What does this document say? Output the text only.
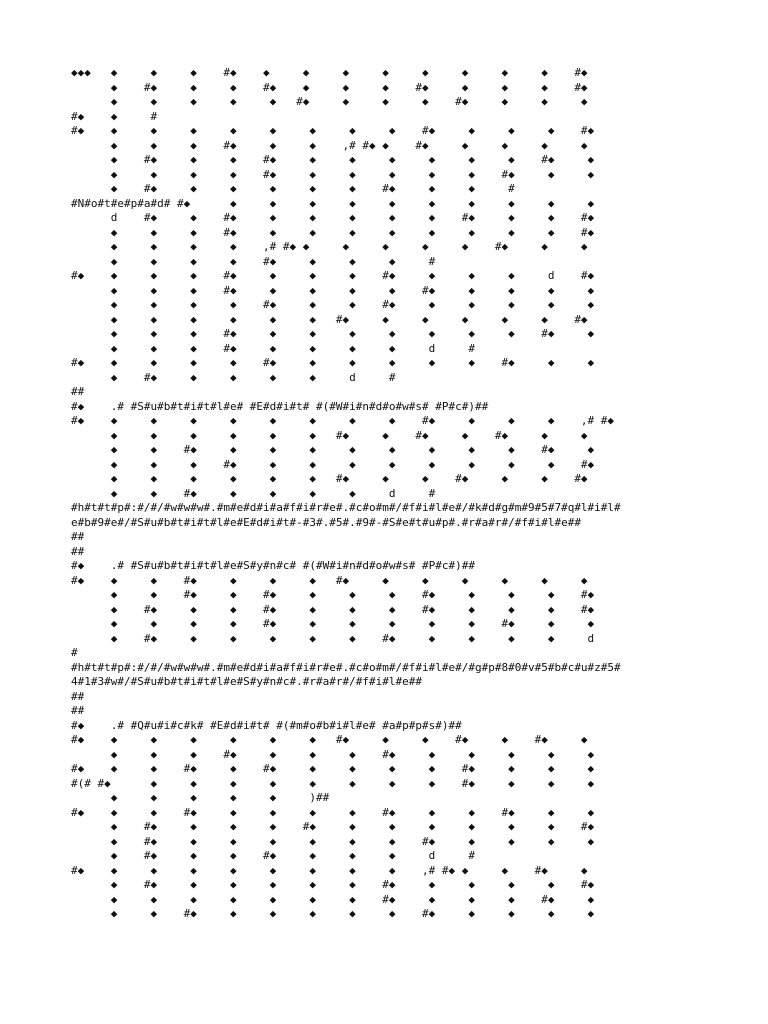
◆◆◆   ◆     ◆     ◆    #◆    ◆     ◆     ◆     ◆     ◆     ◆     ◆     ◆    #◆
◆    #◆     ◆     ◆    #◆    ◆     ◆     ◆    #◆     ◆     ◆     ◆    #◆
◆     ◆     ◆     ◆     ◆   #◆     ◆     ◆     ◆    #◆     ◆     ◆     ◆
#◆    ◆     #
#◆    ◆     ◆     ◆     ◆     ◆     ◆     ◆     ◆    #◆     ◆     ◆     ◆    #◆
◆     ◆     ◆    #◆     ◆     ◆    ,# #◆ ◆    #◆     ◆     ◆     ◆     ◆
◆    #◆     ◆     ◆    #◆     ◆     ◆     ◆     ◆     ◆     ◆    #◆     ◆
◆     ◆     ◆     ◆    #◆     ◆     ◆     ◆     ◆     ◆    #◆     ◆     ◆
◆    #◆     ◆     ◆     ◆     ◆     ◆    #◆     ◆     ◆     #
#N#o#t#e#p#a#d# #◆      ◆     ◆     ◆     ◆     ◆     ◆     ◆     ◆     ◆     ◆
d    #◆     ◆    #◆     ◆     ◆     ◆     ◆     ◆    #◆     ◆     ◆    #◆
◆     ◆     ◆    #◆     ◆     ◆     ◆     ◆     ◆     ◆     ◆     ◆    #◆
◆     ◆     ◆     ◆    ,# #◆ ◆     ◆     ◆     ◆     ◆    #◆     ◆     ◆
◆     ◆     ◆     ◆    #◆     ◆     ◆     ◆     #
#◆    ◆     ◆     ◆    #◆     ◆     ◆     ◆    #◆     ◆     ◆     ◆     d    #◆
◆     ◆     ◆    #◆     ◆     ◆     ◆     ◆    #◆     ◆     ◆     ◆     ◆
◆     ◆     ◆     ◆    #◆     ◆     ◆    #◆     ◆     ◆     ◆     ◆     ◆
◆     ◆     ◆     ◆     ◆     ◆   #◆     ◆     ◆     ◆     ◆     ◆    #◆
◆     ◆     ◆    #◆     ◆     ◆     ◆     ◆     ◆     ◆     ◆    #◆     ◆
◆     ◆     ◆    #◆     ◆     ◆     ◆     ◆     d     #
#◆    ◆     ◆     ◆     ◆    #◆     ◆     ◆     ◆     ◆     ◆    #◆     ◆     ◆
◆    #◆     ◆     ◆     ◆     ◆     d     #
##
#◆    .# #S#u#b#t#i#t#l#e# #E#d#i#t# #(#W#i#n#d#o#w#s# #P#c#)##
#◆    ◆     ◆     ◆     ◆     ◆     ◆     ◆     ◆    #◆     ◆     ◆     ◆    ,# #◆
◆     ◆     ◆     ◆     ◆     ◆   #◆     ◆    #◆     ◆    #◆     ◆     ◆
◆     ◆    #◆     ◆     ◆     ◆     ◆     ◆     ◆     ◆     ◆    #◆     ◆
◆     ◆     ◆    #◆     ◆     ◆     ◆     ◆     ◆     ◆     ◆     ◆    #◆
◆     ◆     ◆     ◆     ◆     ◆   #◆     ◆     ◆    #◆     ◆     ◆    #◆
◆     ◆    #◆     ◆     ◆     ◆     ◆     d     #
#h#t#t#p#:#/#/#w#w#w#.#m#e#d#i#a#f#i#r#e#.#c#o#m#/#f#i#l#e#/#k#d#g#m#9#5#7#q#l#i#l#
e#b#9#e#/#S#u#b#t#i#t#l#e#E#d#i#t#-#3#.#5#.#9#-#S#e#t#u#p#.#r#a#r#/#f#i#l#e##
##
##
#◆    .# #S#u#b#t#i#t#l#e#S#y#n#c# #(#W#i#n#d#o#w#s# #P#c#)##
#◆    ◆     ◆    #◆     ◆     ◆     ◆   #◆     ◆     ◆     ◆     ◆     ◆     ◆
◆     ◆    #◆     ◆    #◆     ◆     ◆     ◆    #◆     ◆     ◆     ◆    #◆
◆    #◆     ◆     ◆    #◆     ◆     ◆     ◆    #◆     ◆     ◆     ◆    #◆
◆     ◆     ◆     ◆    #◆     ◆     ◆     ◆     ◆     ◆    #◆     ◆     ◆
◆    #◆     ◆     ◆     ◆     ◆     ◆    #◆     ◆     ◆     ◆     ◆     d
#
#h#t#t#p#:#/#/#w#w#w#.#m#e#d#i#a#f#i#r#e#.#c#o#m#/#f#i#l#e#/#g#p#8#0#v#5#b#c#u#z#5#
4#1#3#w#/#S#u#b#t#i#t#l#e#S#y#n#c#.#r#a#r#/#f#i#l#e##
##
##
#◆    .# #Q#u#i#c#k# #E#d#i#t# #(#m#o#b#i#l#e# #a#p#p#s#)##
#◆    ◆     ◆     ◆     ◆     ◆     ◆   #◆     ◆     ◆    #◆     ◆    #◆     ◆
◆     ◆     ◆    #◆     ◆     ◆     ◆    #◆     ◆     ◆     ◆     ◆     ◆
#◆    ◆     ◆    #◆     ◆    #◆     ◆     ◆     ◆     ◆    #◆     ◆     ◆     ◆
#(# #◆      ◆     ◆     ◆     ◆     ◆     ◆     ◆     ◆    #◆     ◆     ◆     ◆
◆     ◆     ◆     ◆     ◆     )##
#◆    ◆     ◆    #◆     ◆     ◆     ◆     ◆    #◆     ◆     ◆    #◆     ◆     ◆
◆    #◆     ◆     ◆     ◆    #◆     ◆     ◆     ◆     ◆     ◆     ◆    #◆
◆    #◆     ◆     ◆     ◆     ◆     ◆     ◆    #◆     ◆     ◆     ◆     ◆
◆    #◆     ◆     ◆    #◆     ◆     ◆     ◆     d     #
#◆    ◆     ◆     ◆     ◆     ◆     ◆     ◆     ◆    ,# #◆ ◆     ◆    #◆     ◆
◆    #◆     ◆     ◆     ◆     ◆     ◆    #◆     ◆     ◆     ◆     ◆    #◆
◆     ◆     ◆     ◆     ◆     ◆     ◆    #◆     ◆     ◆     ◆    #◆     ◆
◆     ◆    #◆     ◆     ◆     ◆     ◆     ◆    #◆     ◆     ◆     ◆     ◆
